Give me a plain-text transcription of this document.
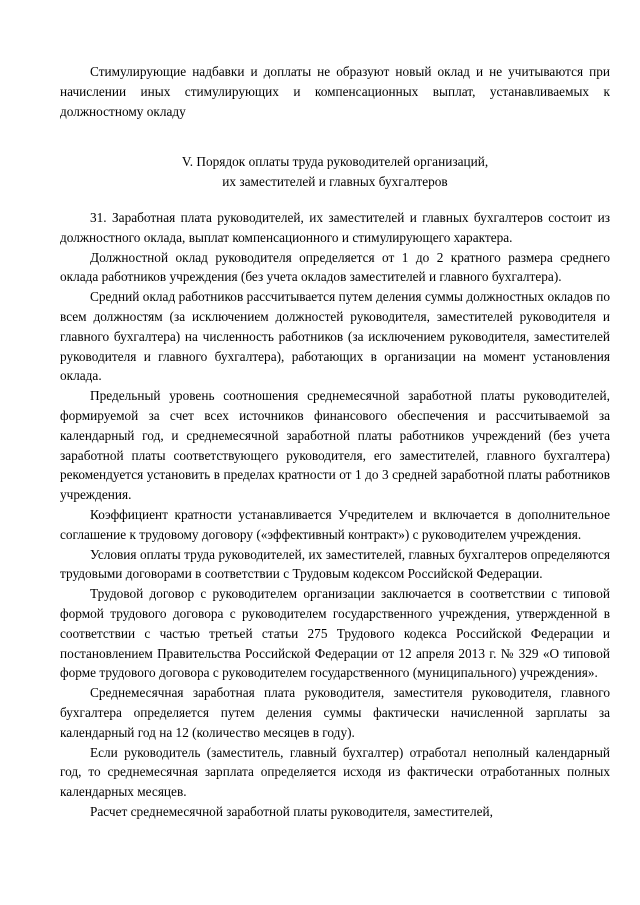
Стимулирующие надбавки и доплаты не образуют новый оклад и не учитываются при начислении иных стимулирующих и компенсационных выплат, устанавливаемых к должностному окладу

V. Порядок оплаты труда руководителей организаций,
их заместителей и главных бухгалтеров

31. Заработная плата руководителей, их заместителей и главных бухгалтеров состоит из должностного оклада, выплат компенсационного и стимулирующего характера.

Должностной оклад руководителя определяется от 1 до 2 кратного размера среднего оклада работников учреждения (без учета окладов заместителей и главного бухгалтера).

Средний оклад работников рассчитывается путем деления суммы должностных окладов по всем должностям (за исключением должностей руководителя, заместителей руководителя и главного бухгалтера) на численность работников (за исключением руководителя, заместителей руководителя и главного бухгалтера), работающих в организации на момент установления оклада.

Предельный уровень соотношения среднемесячной заработной платы руководителей, формируемой за счет всех источников финансового обеспечения и рассчитываемой за календарный год, и среднемесячной заработной платы работников учреждений (без учета заработной платы соответствующего руководителя, его заместителей, главного бухгалтера) рекомендуется установить в пределах кратности от 1 до 3 средней заработной платы работников учреждения.

Коэффициент кратности устанавливается Учредителем и включается в дополнительное соглашение к трудовому договору («эффективный контракт») с руководителем учреждения.

Условия оплаты труда руководителей, их заместителей, главных бухгалтеров определяются трудовыми договорами в соответствии с Трудовым кодексом Российской Федерации.

Трудовой договор с руководителем организации заключается в соответствии с типовой формой трудового договора с руководителем государственного учреждения, утвержденной в соответствии с частью третьей статьи 275 Трудового кодекса Российской Федерации и постановлением Правительства Российской Федерации от 12 апреля 2013 г. № 329 «О типовой форме трудового договора с руководителем государственного (муниципального) учреждения».

Среднемесячная заработная плата руководителя, заместителя руководителя, главного бухгалтера определяется путем деления суммы фактически начисленной зарплаты за календарный год на 12 (количество месяцев в году).

Если руководитель (заместитель, главный бухгалтер) отработал неполный календарный год, то среднемесячная зарплата определяется исходя из фактически отработанных полных календарных месяцев.

Расчет среднемесячной заработной платы руководителя, заместителей,
